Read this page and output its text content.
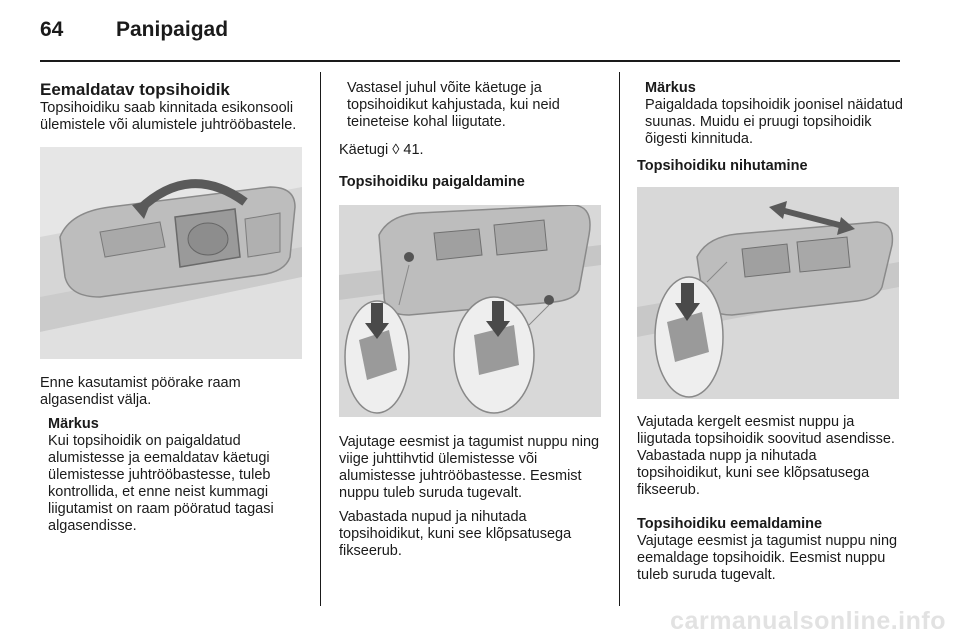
64	Panipaigad

Eemaldatav topsihoidik

Topsihoidiku saab kinnitada esikonsooli ülemistele või alumistele juhtrööbastele.

Enne kasutamist pöörake raam algasendist välja.

Märkus

Kui topsihoidik on paigaldatud alumistesse ja eemaldatav käetugi ülemistesse juhtrööbastesse, tuleb kontrollida, et enne neist kummagi liigutamist on raam pööratud tagasi algasendisse.

Vastasel juhul võite käetuge ja topsihoidikut kahjustada, kui neid teineteise kohal liigutate.

Käetugi ◊ 41.

Topsihoidiku paigaldamine

Vajutage eesmist ja tagumist nuppu ning viige juhttihvtid ülemistesse või alumistesse juhtrööbastesse. Eesmist nuppu tuleb suruda tugevalt.

Vabastada nupud ja nihutada topsihoidikut, kuni see klõpsatusega fikseerub.

Märkus

Paigaldada topsihoidik joonisel näidatud suunas. Muidu ei pruugi topsihoidik õigesti kinnituda.

Topsihoidiku nihutamine

Vajutada kergelt eesmist nuppu ja liigutada topsihoidik soovitud asendisse. Vabastada nupp ja nihutada topsihoidikut, kuni see klõpsatusega fikseerub.

Topsihoidiku eemaldamine

Vajutage eesmist ja tagumist nuppu ning eemaldage topsihoidik. Eesmist nuppu tuleb suruda tugevalt.

carmanualsonline.info
